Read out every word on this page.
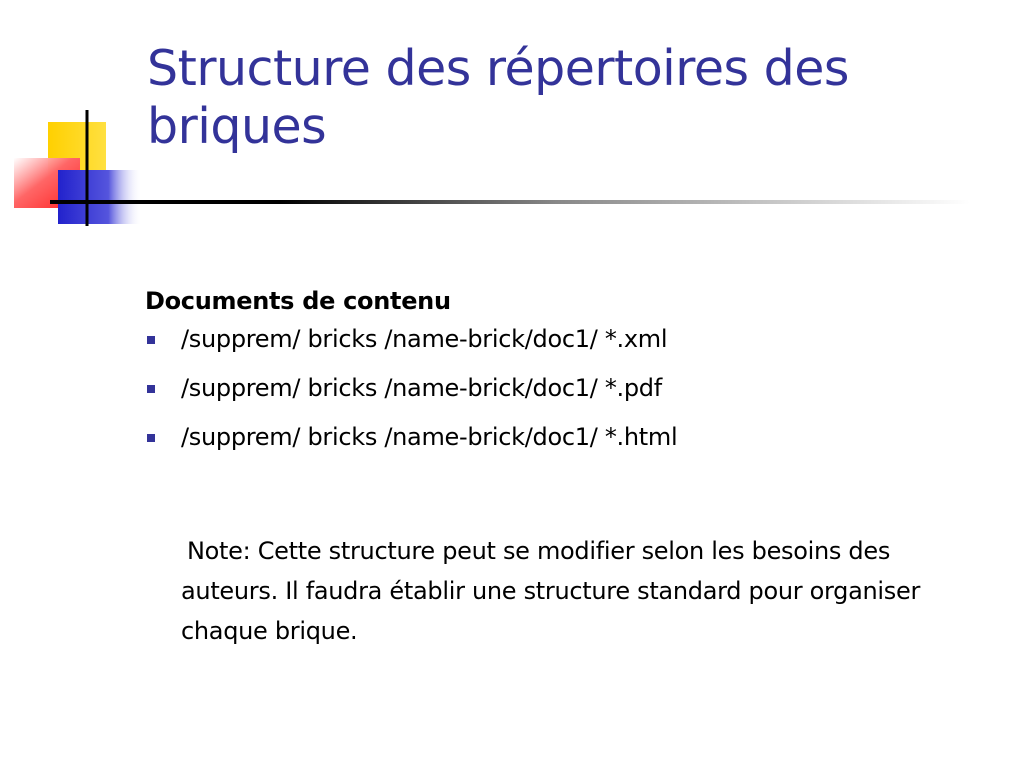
Structure des répertoires des briques

Documents de contenu

/supprem/ bricks /name-brick/doc1/ *.xml
/supprem/ bricks /name-brick/doc1/ *.pdf
/supprem/ bricks /name-brick/doc1/ *.html

Note: Cette structure peut se modifier selon les besoins des auteurs. Il faudra établir une structure standard pour organiser chaque brique.
